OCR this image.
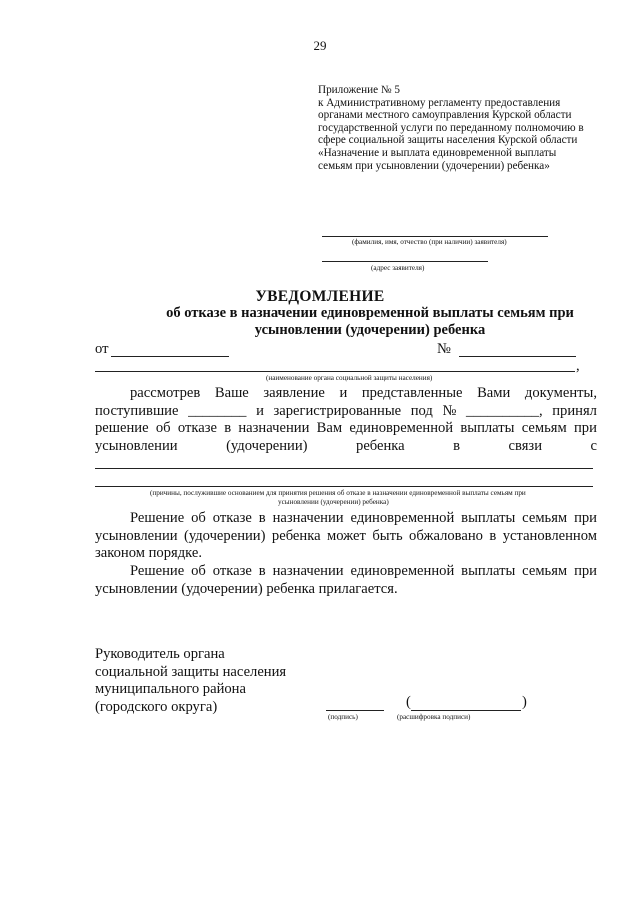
29
Приложение № 5
к Административному регламенту предоставления
органами местного самоуправления Курской области
государственной услуги по переданному полномочию в
сфере социальной защиты населения Курской области
«Назначение и выплата единовременной выплаты
семьям при усыновлении (удочерении) ребенка»
(фамилия, имя, отчество (при наличии) заявителя)
(адрес заявителя)
УВЕДОМЛЕНИЕ
об отказе в назначении единовременной выплаты семьям при усыновлении (удочерении) ребенка
от	№
,
(наименование органа социальной защиты населения)
рассмотрев Ваше заявление и представленные Вами документы,
поступившие ________ и зарегистрированные под № __________, принял
решение об отказе в назначении Вам единовременной выплаты семьям при
усыновлении	(удочерении)	ребенка	в	связи	с
(причины, послужившие основанием для принятия решения об отказе в назначении единовременной выплаты семьям при
усыновлении (удочерении) ребенка)
Решение об отказе в назначении единовременной выплаты семьям при усыновлении (удочерении) ребенка может быть обжаловано в установленном законом порядке.
Решение об отказе в назначении единовременной выплаты семьям при усыновлении (удочерении) ребенка прилагается.
Руководитель органа
социальной защиты населения
муниципального района
(городского округа)
(подпись)
(	)
(расшифровка подписи)
